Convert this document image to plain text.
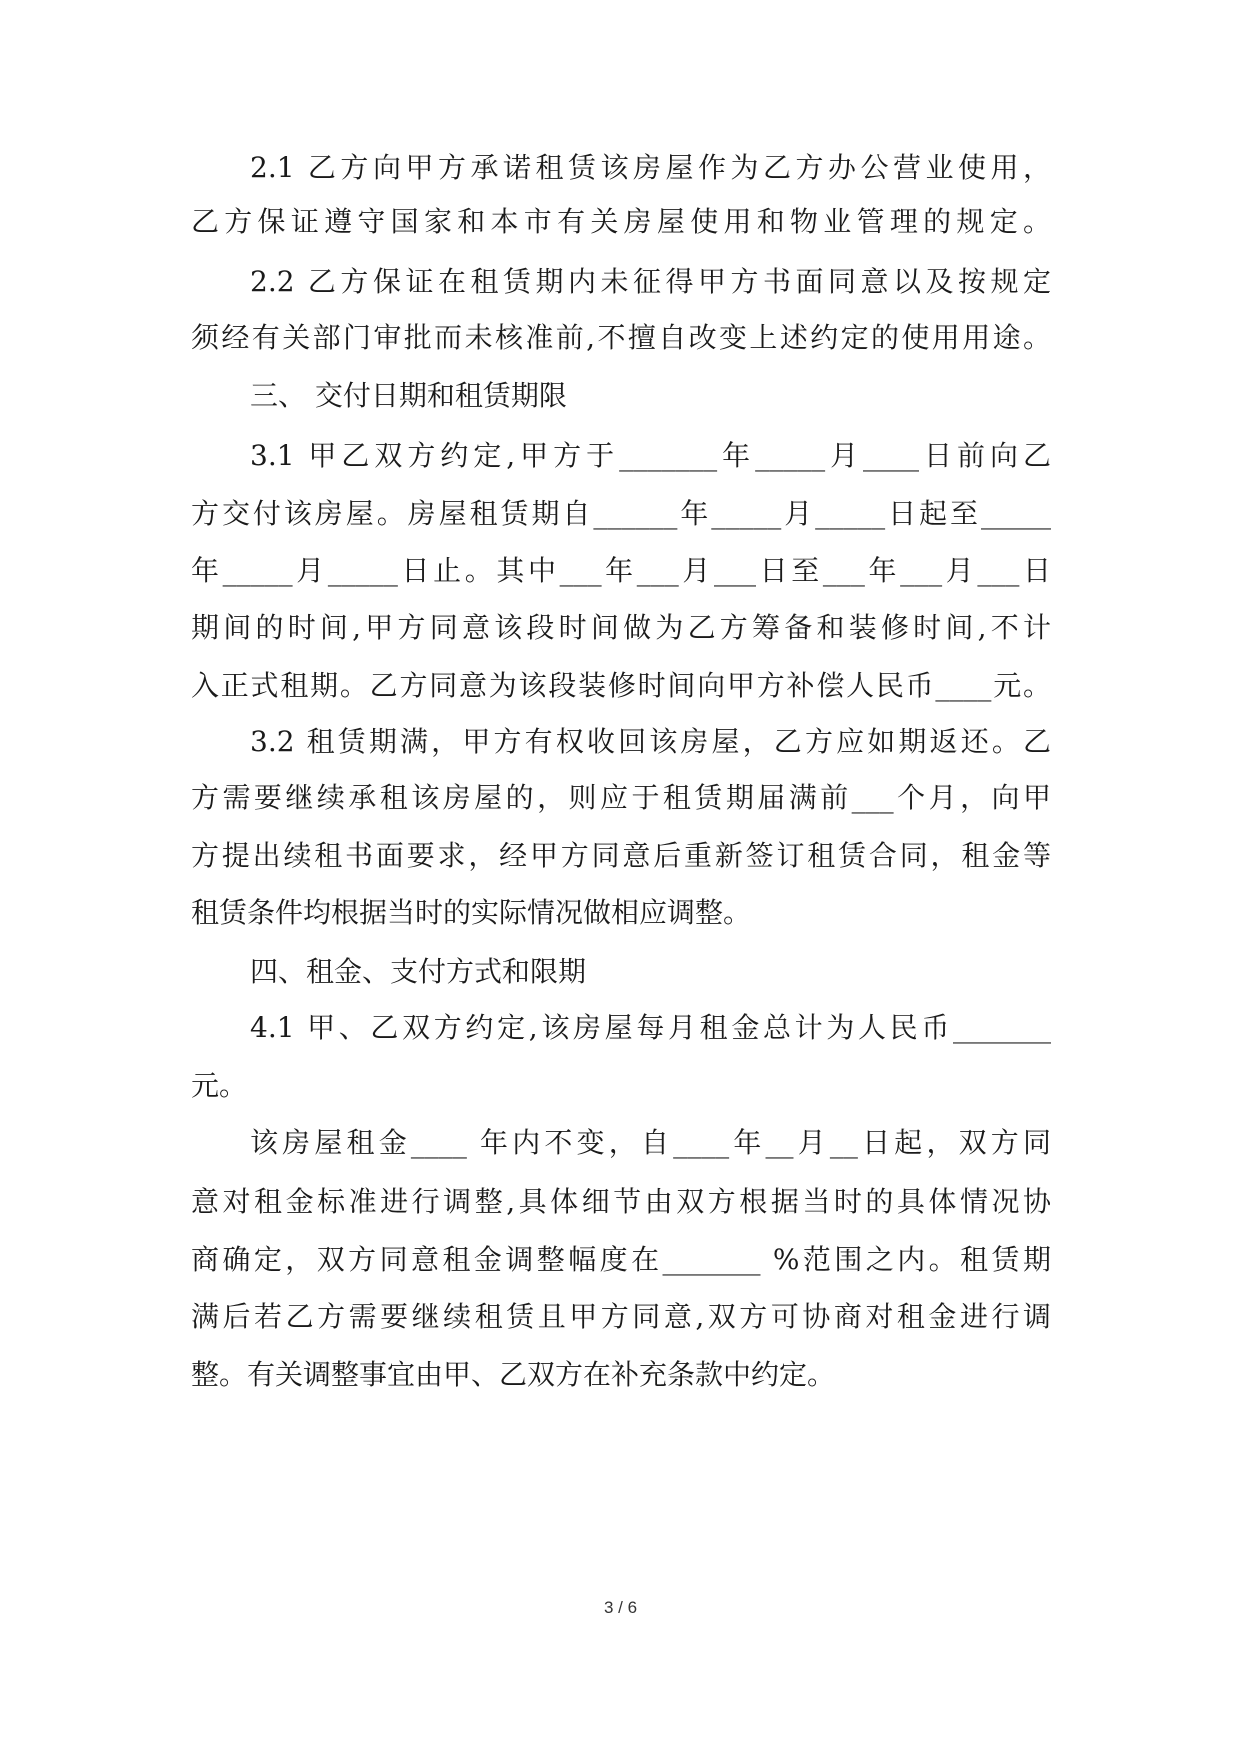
2.1 乙方向甲方承诺租赁该房屋作为乙方办公营业使用，
乙方保证遵守国家和本市有关房屋使用和物业管理的规定。
2.2 乙方保证在租赁期内未征得甲方书面同意以及按规定
须经有关部门审批而未核准前,不擅自改变上述约定的使用用途。
三、 交付日期和租赁期限
3.1 甲乙双方约定,甲方于_______年_____月____日前向乙
方交付该房屋。房屋租赁期自______年_____月_____日起至_____
年_____月_____日止。其中___年___月___日至___年___月___日
期间的时间,甲方同意该段时间做为乙方筹备和装修时间,不计
入正式租期。乙方同意为该段装修时间向甲方补偿人民币____元。
3.2 租赁期满，甲方有权收回该房屋，乙方应如期返还。乙
方需要继续承租该房屋的，则应于租赁期届满前___个月，向甲
方提出续租书面要求，经甲方同意后重新签订租赁合同，租金等
租赁条件均根据当时的实际情况做相应调整。
四、租金、支付方式和限期
4.1 甲、乙双方约定,该房屋每月租金总计为人民币_______
元。
该房屋租金____ 年内不变，自____年__月__日起，双方同
意对租金标准进行调整,具体细节由双方根据当时的具体情况协
商确定，双方同意租金调整幅度在_______ %范围之内。租赁期
满后若乙方需要继续租赁且甲方同意,双方可协商对租金进行调
整。有关调整事宜由甲、乙双方在补充条款中约定。
3 / 6
